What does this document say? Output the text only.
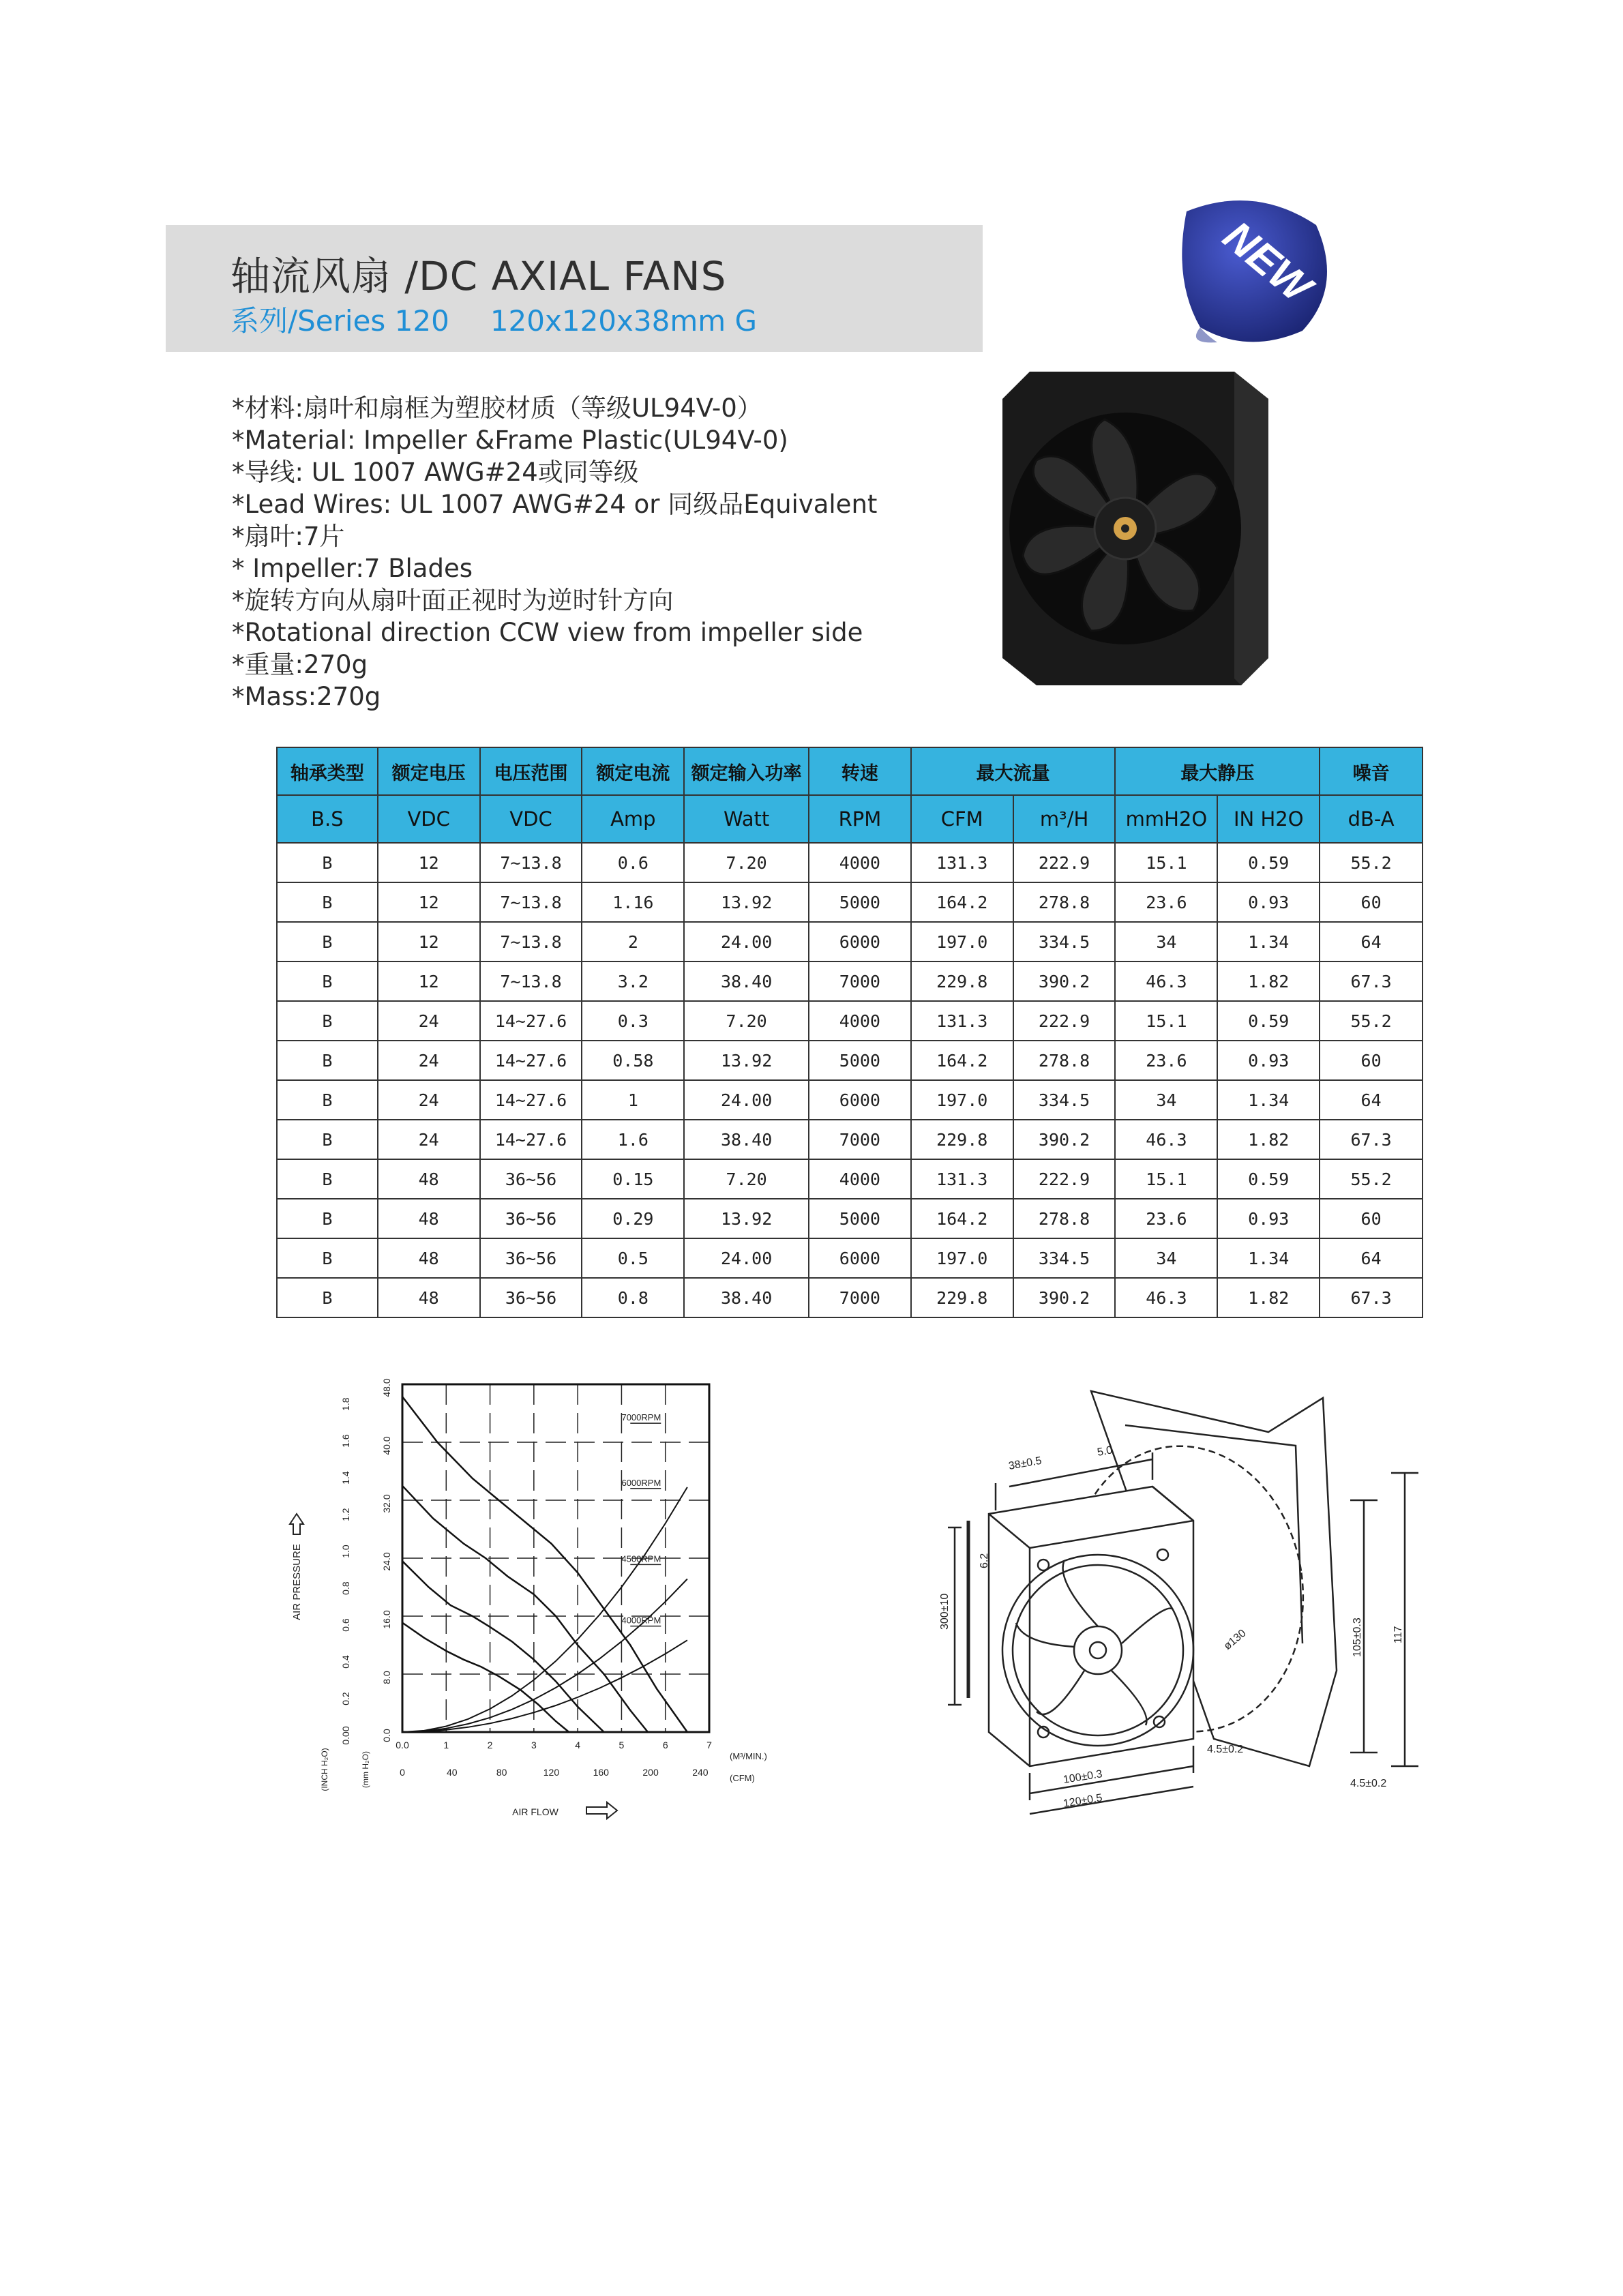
轴流风扇 /DC AXIAL FANS
系列/Series 120 120x120x38mm G
NEW
*材料:扇叶和扇框为塑胶材质（等级UL94V-0）
*Material: Impeller &Frame Plastic(UL94V-0)
*导线: UL 1007 AWG#24或同等级
*Lead Wires: UL 1007 AWG#24 or 同级品Equivalent
*扇叶:7片
* Impeller:7 Blades
*旋转方向从扇叶面正视时为逆时针方向
*Rotational direction CCW view from impeller side
*重量:270g
*Mass:270g
轴承类型	额定电压	电压范围	额定电流	额定输入功率	转速	最大流量		最大静压		噪音
B.S	VDC	VDC	Amp	Watt	RPM	CFM	m³/H	mmH2O	IN H2O	dB-A
B	12	7~13.8	0.6	7.20	4000	131.3	222.9	15.1	0.59	55.2
B	12	7~13.8	1.16	13.92	5000	164.2	278.8	23.6	0.93	60
B	12	7~13.8	2	24.00	6000	197.0	334.5	34	1.34	64
B	12	7~13.8	3.2	38.40	7000	229.8	390.2	46.3	1.82	67.3
B	24	14~27.6	0.3	7.20	4000	131.3	222.9	15.1	0.59	55.2
B	24	14~27.6	0.58	13.92	5000	164.2	278.8	23.6	0.93	60
B	24	14~27.6	1	24.00	6000	197.0	334.5	34	1.34	64
B	24	14~27.6	1.6	38.40	7000	229.8	390.2	46.3	1.82	67.3
B	48	36~56	0.15	7.20	4000	131.3	222.9	15.1	0.59	55.2
B	48	36~56	0.29	13.92	5000	164.2	278.8	23.6	0.93	60
B	48	36~56	0.5	24.00	6000	197.0	334.5	34	1.34	64
B	48	36~56	0.8	38.40	7000	229.8	390.2	46.3	1.82	67.3
0.0
8.0
16.0
24.0
32.0
40.0
48.0
0.00
0.2
0.4
0.6
0.8
1.0
1.2
1.4
1.6
1.8
0.0	1	2	3	4	5	6	7
0	40	80	120	160	200	240
(M³/MIN.)
(CFM)
(INCH H₂O)	(mm H₂O)
AIR PRESSURE
AIR FLOW
7000RPM
6000RPM
4500RPM
4000RPM
38±0.5
5.0
300±10
6.2
100±0.3
120±0.5
4.5±0.2
ø130	105±0.3	117
4.5±0.2
